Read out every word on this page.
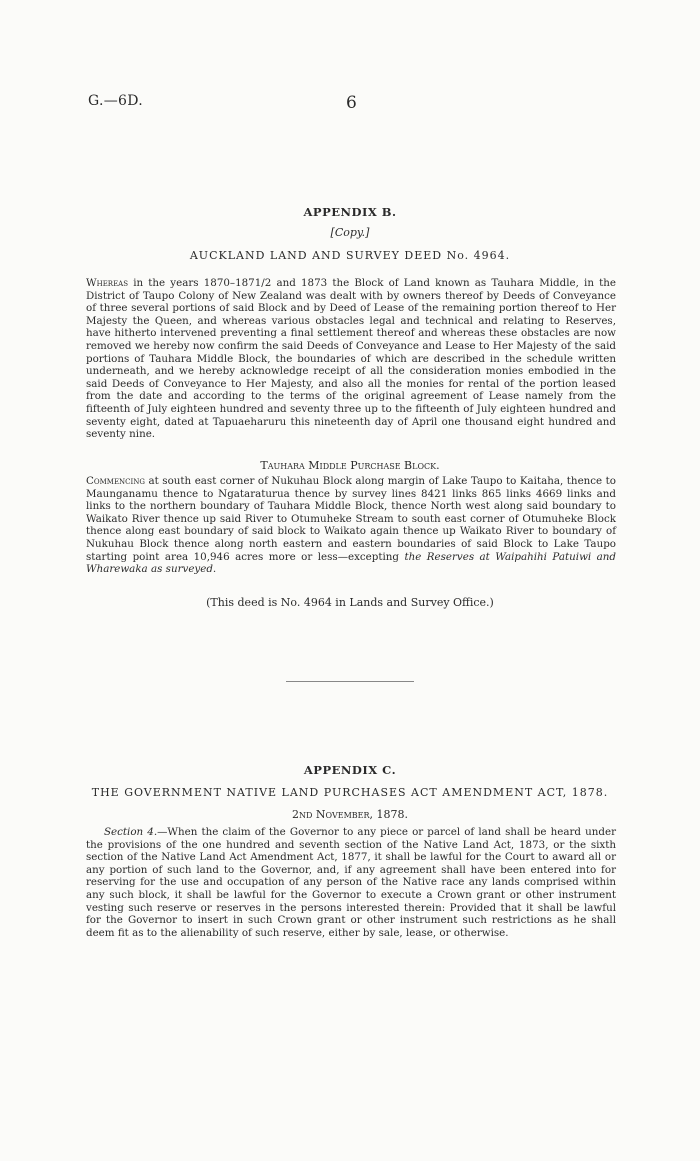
G.—6D.	6
APPENDIX B.
[Copy.]
AUCKLAND LAND AND SURVEY DEED No. 4964.
Whereas in the years 1870–1871/2 and 1873 the Block of Land known as Tauhara Middle, in the District of Taupo Colony of New Zealand was dealt with by owners thereof by Deeds of Conveyance of three several portions of said Block and by Deed of Lease of the remaining portion thereof to Her Majesty the Queen, and whereas various obstacles legal and technical and relating to Reserves, have hitherto intervened preventing a final settlement thereof and whereas these obstacles are now removed we hereby now confirm the said Deeds of Conveyance and Lease to Her Majesty of the said portions of Tauhara Middle Block, the boundaries of which are described in the schedule written underneath, and we hereby acknowledge receipt of all the consideration monies embodied in the said Deeds of Conveyance to Her Majesty, and also all the monies for rental of the portion leased from the date and according to the terms of the original agreement of Lease namely from the fifteenth of July eighteen hundred and seventy three up to the fifteenth of July eighteen hundred and seventy eight, dated at Tapuaeharuru this nineteenth day of April one thousand eight hundred and seventy nine.
Tauhara Middle Purchase Block.
Commencing at south east corner of Nukuhau Block along margin of Lake Taupo to Kaitaha, thence to Maunganamu thence to Ngataraturua thence by survey lines 8421 links 865 links 4669 links and links to the northern boundary of Tauhara Middle Block, thence North west along said boundary to Waikato River thence up said River to Otumuheke Stream to south east corner of Otumuheke Block thence along east boundary of said block to Waikato again thence up Waikato River to boundary of Nukuhau Block thence along north eastern and eastern boundaries of said Block to Lake Taupo starting point area 10,946 acres more or less—excepting the Reserves at Waipahihi Patuiwi and Wharewaka as surveyed.
(This deed is No. 4964 in Lands and Survey Office.)
APPENDIX C.
THE GOVERNMENT NATIVE LAND PURCHASES ACT AMENDMENT ACT, 1878.
2nd November, 1878.
Section 4.—When the claim of the Governor to any piece or parcel of land shall be heard under the provisions of the one hundred and seventh section of the Native Land Act, 1873, or the sixth section of the Native Land Act Amendment Act, 1877, it shall be lawful for the Court to award all or any portion of such land to the Governor, and, if any agreement shall have been entered into for reserving for the use and occupation of any person of the Native race any lands comprised within any such block, it shall be lawful for the Governor to execute a Crown grant or other instrument vesting such reserve or reserves in the persons interested therein: Provided that it shall be lawful for the Governor to insert in such Crown grant or other instrument such restrictions as he shall deem fit as to the alienability of such reserve, either by sale, lease, or otherwise.
